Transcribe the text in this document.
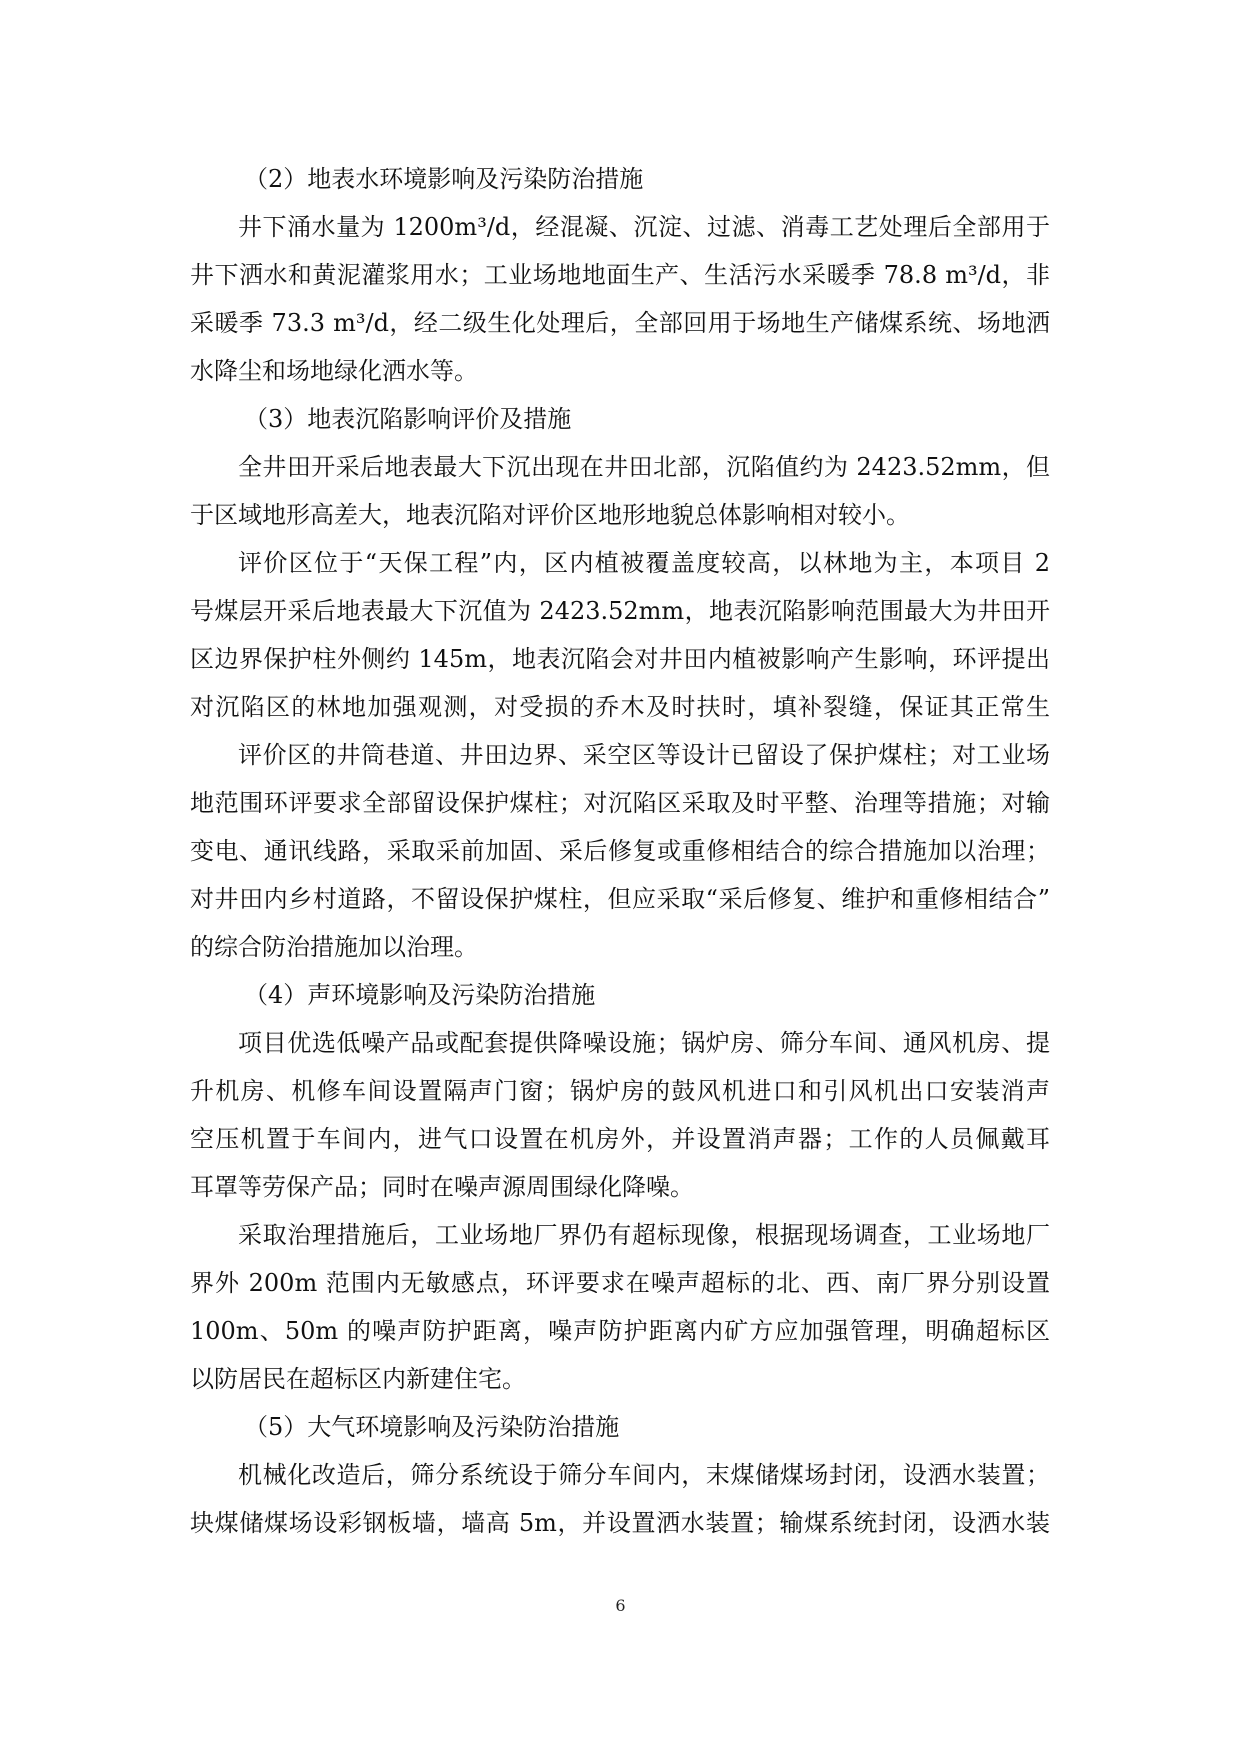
（2）地表水环境影响及污染防治措施
井下涌水量为 1200m³/d，经混凝、沉淀、过滤、消毒工艺处理后全部用于
井下洒水和黄泥灌浆用水；工业场地地面生产、生活污水采暖季 78.8 m³/d，非
采暖季 73.3 m³/d，经二级生化处理后，全部回用于场地生产储煤系统、场地洒
水降尘和场地绿化洒水等。
（3）地表沉陷影响评价及措施
全井田开采后地表最大下沉出现在井田北部，沉陷值约为 2423.52mm，但
于区域地形高差大，地表沉陷对评价区地形地貌总体影响相对较小。
评价区位于“天保工程”内，区内植被覆盖度较高，以林地为主，本项目 2
号煤层开采后地表最大下沉值为 2423.52mm，地表沉陷影响范围最大为井田开
区边界保护柱外侧约 145m，地表沉陷会对井田内植被影响产生影响，环评提出
对沉陷区的林地加强观测，对受损的乔木及时扶时，填补裂缝，保证其正常生
评价区的井筒巷道、井田边界、采空区等设计已留设了保护煤柱；对工业场
地范围环评要求全部留设保护煤柱；对沉陷区采取及时平整、治理等措施；对输
变电、通讯线路，采取采前加固、采后修复或重修相结合的综合措施加以治理；
对井田内乡村道路，不留设保护煤柱，但应采取“采后修复、维护和重修相结合”
的综合防治措施加以治理。
（4）声环境影响及污染防治措施
项目优选低噪产品或配套提供降噪设施；锅炉房、筛分车间、通风机房、提
升机房、机修车间设置隔声门窗；锅炉房的鼓风机进口和引风机出口安装消声
空压机置于车间内，进气口设置在机房外，并设置消声器；工作的人员佩戴耳
耳罩等劳保产品；同时在噪声源周围绿化降噪。
采取治理措施后，工业场地厂界仍有超标现像，根据现场调查，工业场地厂
界外 200m 范围内无敏感点，环评要求在噪声超标的北、西、南厂界分别设置
100m、50m 的噪声防护距离，噪声防护距离内矿方应加强管理，明确超标区
以防居民在超标区内新建住宅。
（5）大气环境影响及污染防治措施
机械化改造后，筛分系统设于筛分车间内，末煤储煤场封闭，设洒水装置；
块煤储煤场设彩钢板墙，墙高 5m，并设置洒水装置；输煤系统封闭，设洒水装
6
